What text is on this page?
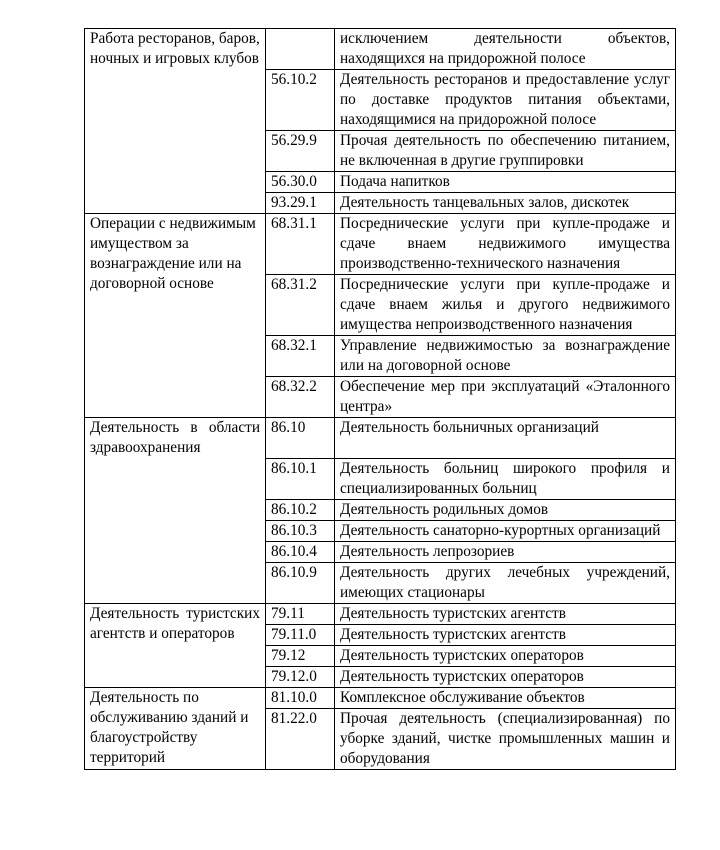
Работа ресторанов, баров, ночных и игровых клубов		исключением деятельности объектов, находящихся на придорожной полосе
	56.10.2	Деятельность ресторанов и предоставление услуг по доставке продуктов питания объектами, находящимися на придорожной полосе
	56.29.9	Прочая деятельность по обеспечению питанием, не включенная в другие группировки
	56.30.0	Подача напитков
	93.29.1	Деятельность танцевальных залов, дискотек
Операции с недвижимым имуществом за вознаграждение или на договорной основе	68.31.1	Посреднические услуги при купле-продаже и сдаче внаем недвижимого имущества производственно-технического назначения
	68.31.2	Посреднические услуги при купле-продаже и сдаче внаем жилья и другого недвижимого имущества непроизводственного назначения
	68.32.1	Управление недвижимостью за вознаграждение или на договорной основе
	68.32.2	Обеспечение мер при эксплуатаций «Эталонного центра»
Деятельность в области здравоохранения	86.10	Деятельность больничных организаций

	86.10.1	Деятельность больниц широкого профиля и специализированных больниц
	86.10.2	Деятельность родильных домов
	86.10.3	Деятельность санаторно-курортных организаций
	86.10.4	Деятельность лепрозориев
	86.10.9	Деятельность других лечебных учреждений, имеющих стационары
Деятельность туристских агентств и операторов	79.11	Деятельность туристских агентств
	79.11.0	Деятельность туристских агентств
	79.12	Деятельность туристских операторов
	79.12.0	Деятельность туристских операторов
Деятельность по обслуживанию зданий и благоустройству территорий	81.10.0	Комплексное обслуживание объектов
	81.22.0	Прочая деятельность (специализированная) по уборке зданий, чистке промышленных машин и оборудования
